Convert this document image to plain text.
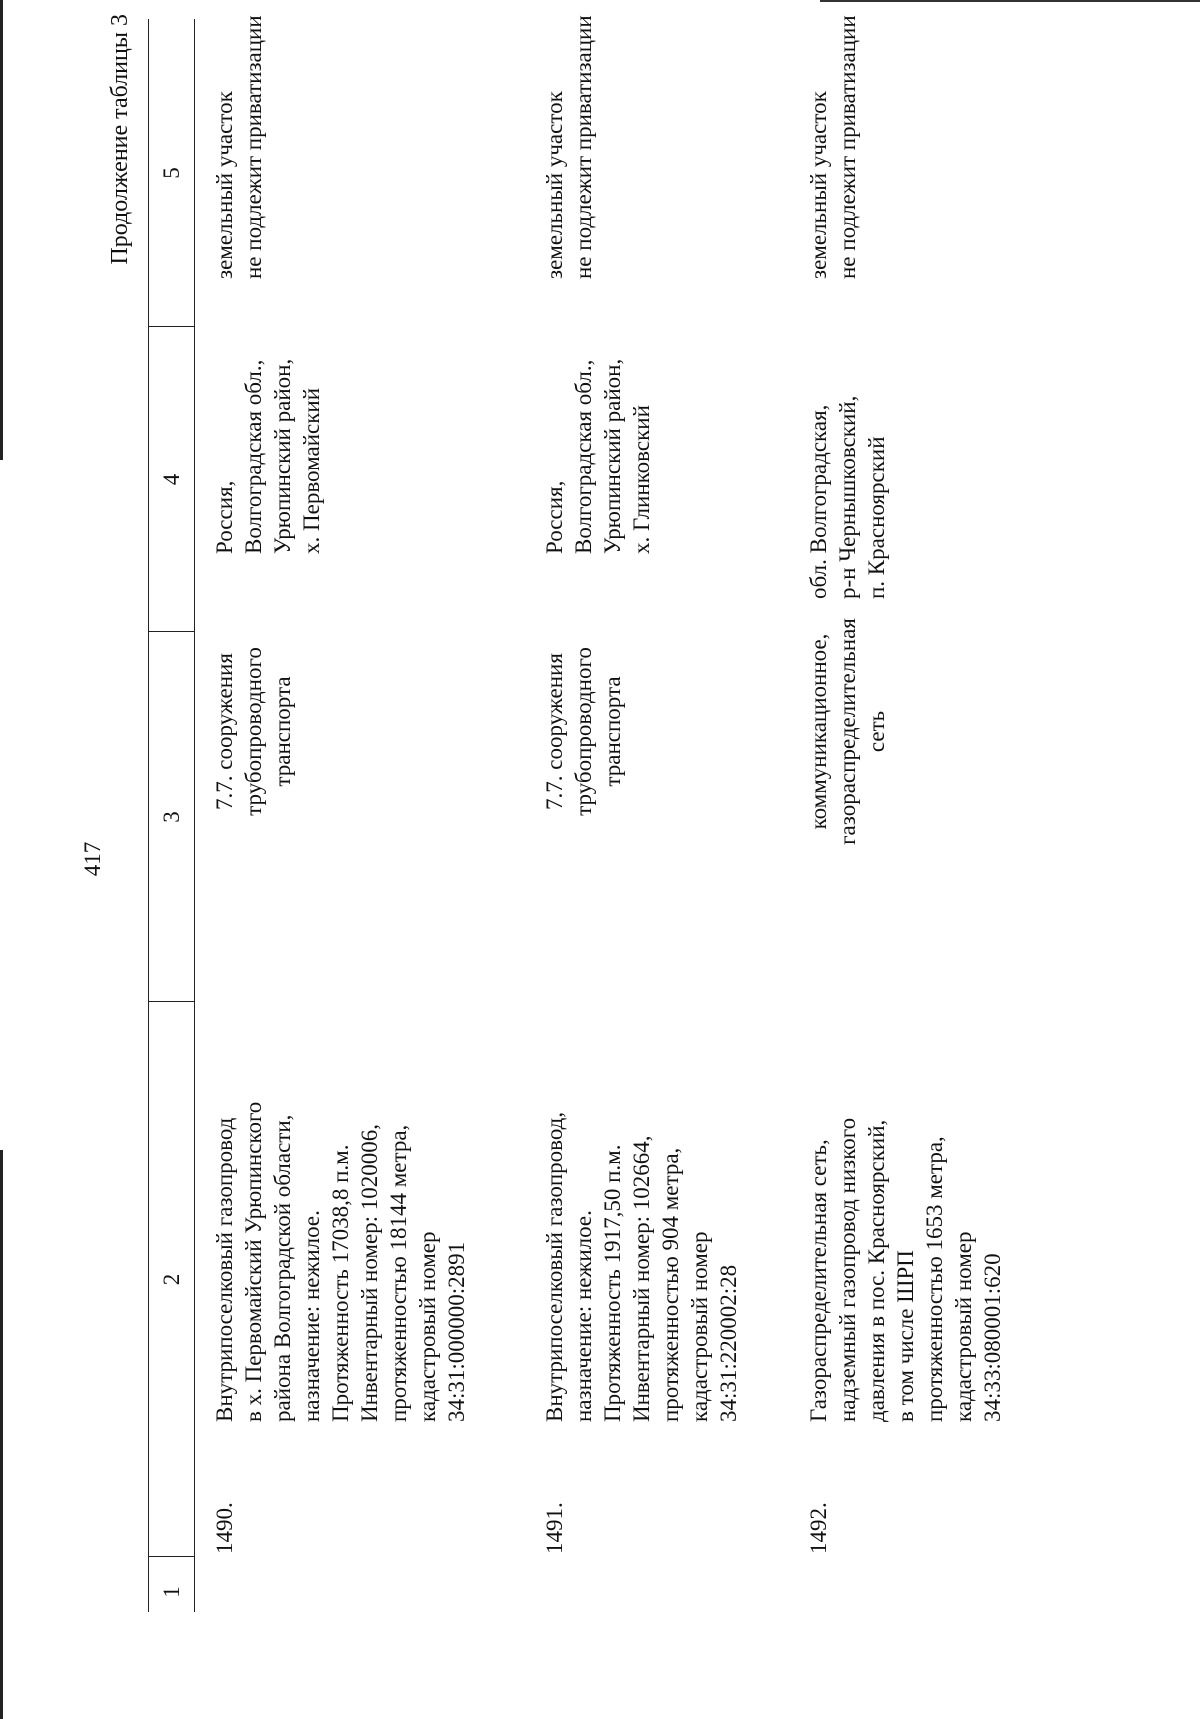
417
Продолжение таблицы 3
1
2
3
4
5
1490.
Внутрипоселковый газопровод в х. Первомайский Урюпинского района Волгоградской области, назначение: нежилое. Протяженность 17038,8 п.м. Инвентарный номер: 1020006, протяженностью 18144 метра, кадастровый номер 34:31:000000:2891
7.7. сооружения трубопроводного транспорта
Россия, Волгоградская обл., Урюпинский район, х. Первомайский
земельный участок не подлежит приватизации
1491.
Внутрипоселковый газопровод, назначение: нежилое. Протяженность 1917,50 п.м. Инвентарный номер: 102664, протяженностью 904 метра, кадастровый номер 34:31:220002:28
7.7. сооружения трубопроводного транспорта
Россия, Волгоградская обл., Урюпинский район, х. Глинковский
земельный участок не подлежит приватизации
1492.
Газораспределительная сеть, надземный газопровод низкого давления в пос. Красноярский, в том числе ШРП протяженностью 1653 метра, кадастровый номер 34:33:080001:620
коммуникационное, газораспределительная сеть
обл. Волгоградская, р-н Чернышковский, п. Красноярский
земельный участок не подлежит приватизации
